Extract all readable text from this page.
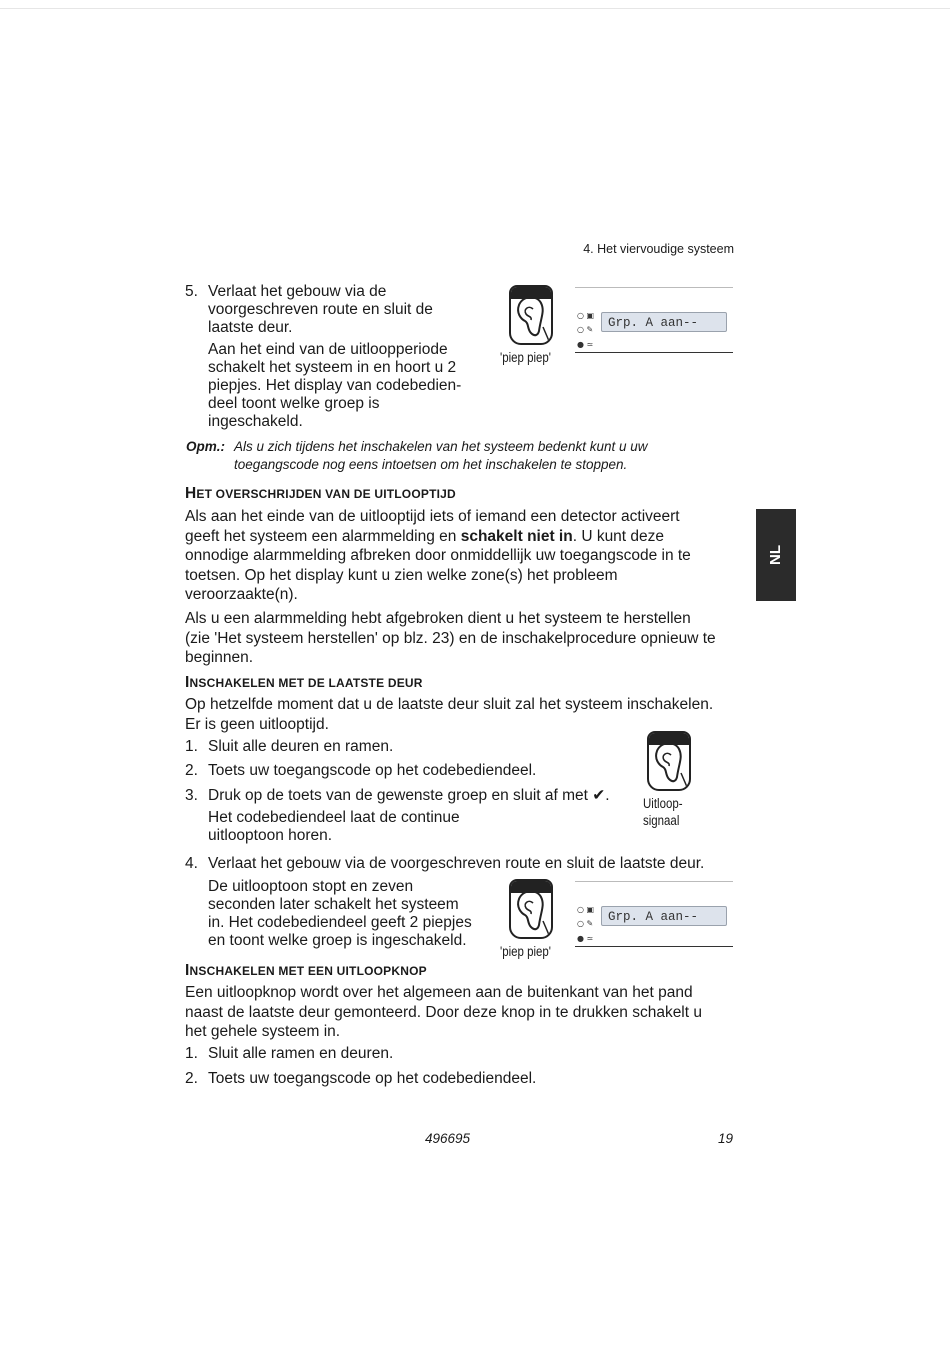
4. Het viervoudige systeem
5. Verlaat het gebouw via de
voorgeschreven route en sluit de
laatste deur.
Aan het eind van de uitloopperiode
schakelt het systeem in en hoort u 2
piepjes. Het display van codebedien-
deel toont welke groep is
ingeschakeld.
'piep piep'
○ ▣
○ ✎
● ≃
Grp. A aan--
Opm.: Als u zich tijdens het inschakelen van het systeem bedenkt kunt u uw
toegangscode nog eens intoetsen om het inschakelen te stoppen.
HET OVERSCHRIJDEN VAN DE UITLOOPTIJD
Als aan het einde van de uitlooptijd iets of iemand een detector activeert
geeft het systeem een alarmmelding en schakelt niet in. U kunt deze
onnodige alarmmelding afbreken door onmiddellijk uw toegangscode in te
toetsen. Op het display kunt u zien welke zone(s) het probleem
veroorzaakte(n).
Als u een alarmmelding hebt afgebroken dient u het systeem te herstellen
(zie 'Het systeem herstellen' op blz. 23) en de inschakelprocedure opnieuw te
beginnen.
NL
INSCHAKELEN MET DE LAATSTE DEUR
Op hetzelfde moment dat u de laatste deur sluit zal het systeem inschakelen.
Er is geen uitlooptijd.
1. Sluit alle deuren en ramen.
2. Toets uw toegangscode op het codebediendeel.
3. Druk op de toets van de gewenste groep en sluit af met ✔.
Het codebediendeel laat de continue
uitlooptoon horen.
Uitloop-
signaal
4. Verlaat het gebouw via de voorgeschreven route en sluit de laatste deur.
De uitlooptoon stopt en zeven
seconden later schakelt het systeem
in. Het codebediendeel geeft 2 piepjes
en toont welke groep is ingeschakeld.
'piep piep'
○ ▣
○ ✎
● ≃
Grp. A aan--
INSCHAKELEN MET EEN UITLOOPKNOP
Een uitloopknop wordt over het algemeen aan de buitenkant van het pand
naast de laatste deur gemonteerd. Door deze knop in te drukken schakelt u
het gehele systeem in.
1. Sluit alle ramen en deuren.
2. Toets uw toegangscode op het codebediendeel.
496695	19
